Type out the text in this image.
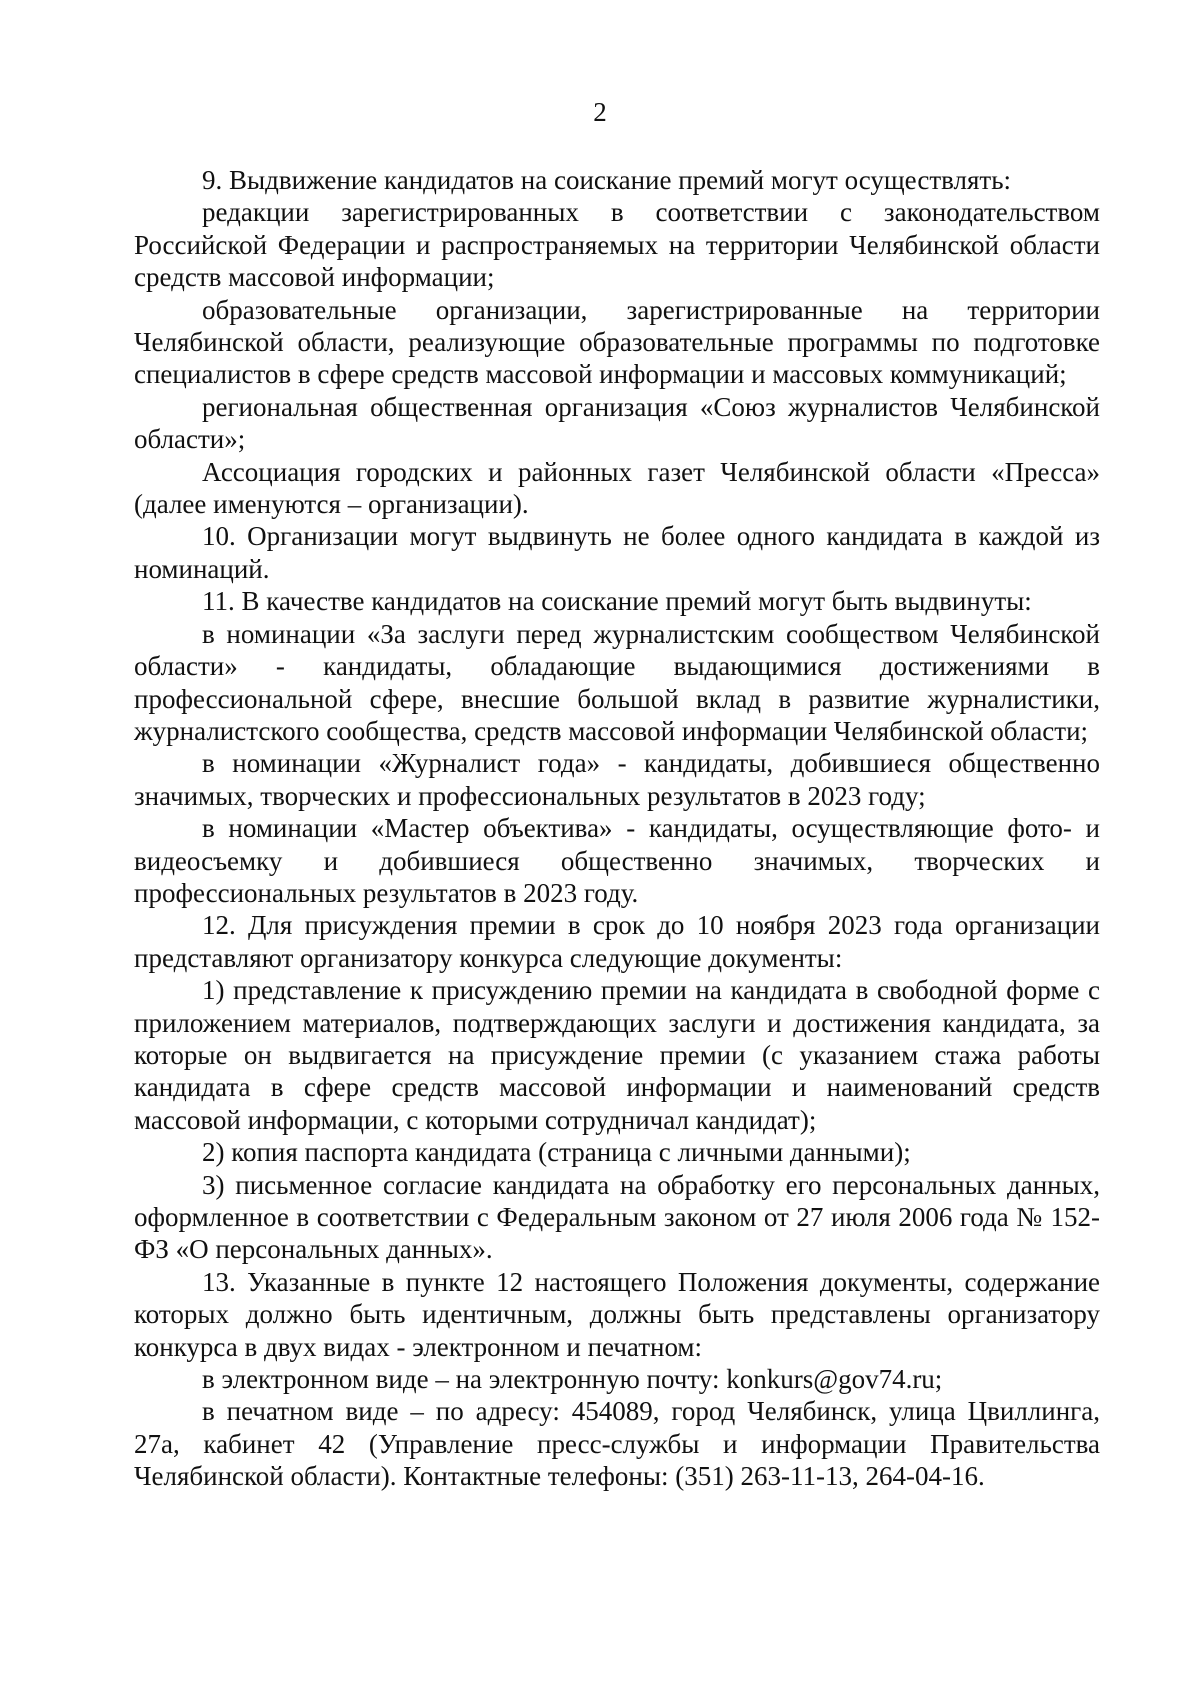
2

9. Выдвижение кандидатов на соискание премий могут осуществлять:

редакции зарегистрированных в соответствии с законодательством Российской Федерации и распространяемых на территории Челябинской области средств массовой информации;

образовательные организации, зарегистрированные на территории Челябинской области, реализующие образовательные программы по подготовке специалистов в сфере средств массовой информации и массовых коммуникаций;

региональная общественная организация «Союз журналистов Челябинской области»;

Ассоциация городских и районных газет Челябинской области «Пресса» (далее именуются – организации).

10. Организации могут выдвинуть не более одного кандидата в каждой из номинаций.

11. В качестве кандидатов на соискание премий могут быть выдвинуты:

в номинации «За заслуги перед журналистским сообществом Челябинской области» - кандидаты, обладающие выдающимися достижениями в профессиональной сфере, внесшие большой вклад в развитие журналистики, журналистского сообщества, средств массовой информации Челябинской области;

в номинации «Журналист года» - кандидаты, добившиеся общественно значимых, творческих и профессиональных результатов в 2023 году;

в номинации «Мастер объектива» - кандидаты, осуществляющие фото- и видеосъемку и добившиеся общественно значимых, творческих и профессиональных результатов в 2023 году.

12. Для присуждения премии в срок до 10 ноября 2023 года организации представляют организатору конкурса следующие документы:

1) представление к присуждению премии на кандидата в свободной форме с приложением материалов, подтверждающих заслуги и достижения кандидата, за которые он выдвигается на присуждение премии (с указанием стажа работы кандидата в сфере средств массовой информации и наименований средств массовой информации, с которыми сотрудничал кандидат);

2) копия паспорта кандидата (страница с личными данными);

3) письменное согласие кандидата на обработку его персональных данных, оформленное в соответствии с Федеральным законом от 27 июля 2006 года № 152-ФЗ «О персональных данных».

13. Указанные в пункте 12 настоящего Положения документы, содержание которых должно быть идентичным, должны быть представлены организатору конкурса в двух видах - электронном и печатном:

в электронном виде – на электронную почту: konkurs@gov74.ru;

в печатном виде – по адресу: 454089, город Челябинск, улица Цвиллинга, 27а, кабинет 42 (Управление пресс-службы и информации Правительства Челябинской области). Контактные телефоны: (351) 263-11-13, 264-04-16.
